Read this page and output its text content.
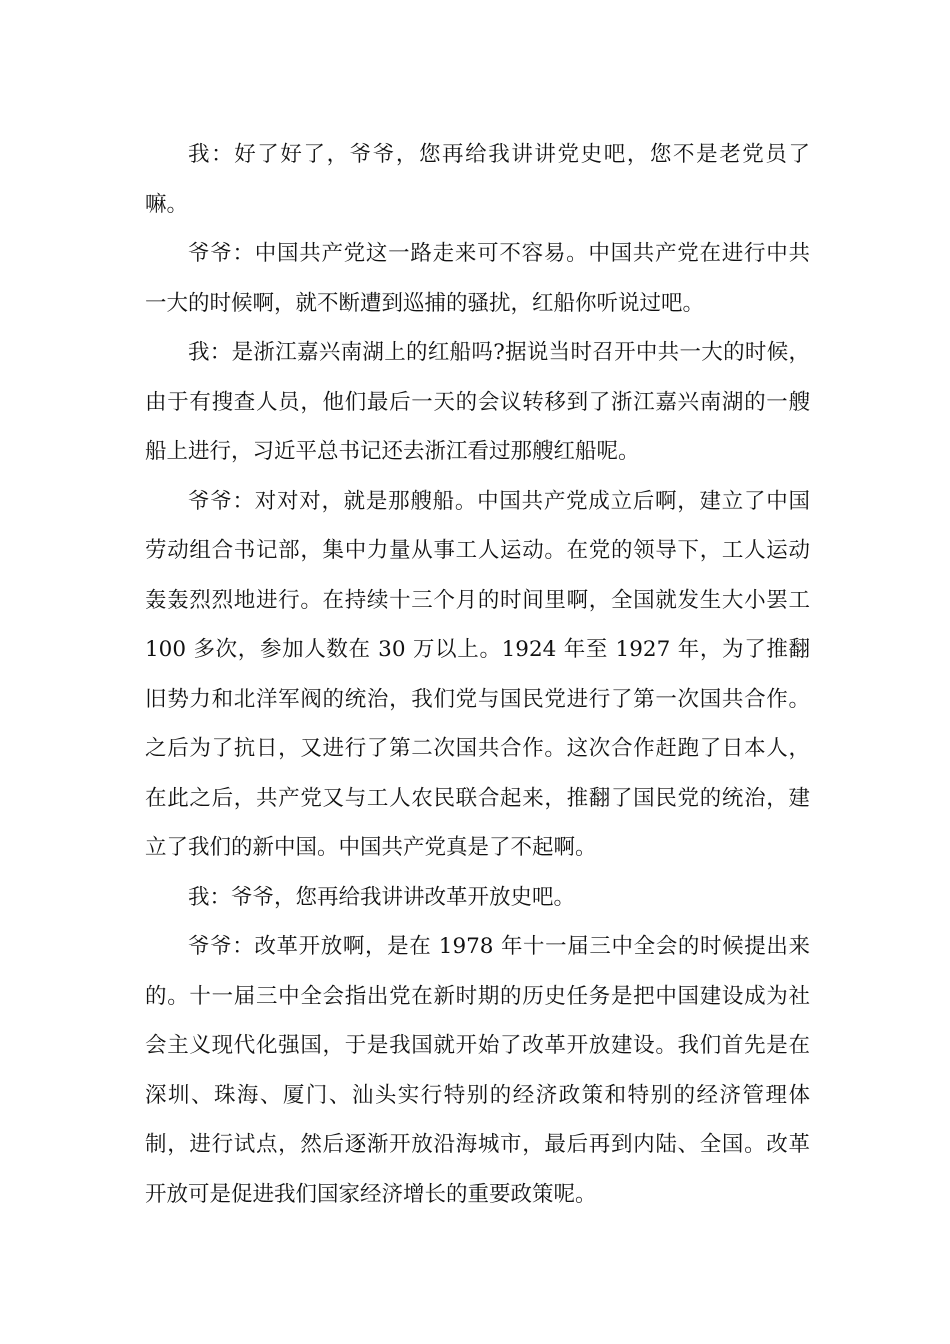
我：好了好了，爷爷，您再给我讲讲党史吧，您不是老党员了嘛。

爷爷：中国共产党这一路走来可不容易。中国共产党在进行中共一大的时候啊，就不断遭到巡捕的骚扰，红船你听说过吧。

我：是浙江嘉兴南湖上的红船吗?据说当时召开中共一大的时候，由于有搜查人员，他们最后一天的会议转移到了浙江嘉兴南湖的一艘船上进行，习近平总书记还去浙江看过那艘红船呢。

爷爷：对对对，就是那艘船。中国共产党成立后啊，建立了中国劳动组合书记部，集中力量从事工人运动。在党的领导下，工人运动轰轰烈烈地进行。在持续十三个月的时间里啊，全国就发生大小罢工 100 多次，参加人数在 30 万以上。1924 年至 1927 年，为了推翻旧势力和北洋军阀的统治，我们党与国民党进行了第一次国共合作。之后为了抗日，又进行了第二次国共合作。这次合作赶跑了日本人，在此之后，共产党又与工人农民联合起来，推翻了国民党的统治，建立了我们的新中国。中国共产党真是了不起啊。

我：爷爷，您再给我讲讲改革开放史吧。

爷爷：改革开放啊，是在 1978 年十一届三中全会的时候提出来的。十一届三中全会指出党在新时期的历史任务是把中国建设成为社会主义现代化强国，于是我国就开始了改革开放建设。我们首先是在深圳、珠海、厦门、汕头实行特别的经济政策和特别的经济管理体制，进行试点，然后逐渐开放沿海城市，最后再到内陆、全国。改革开放可是促进我们国家经济增长的重要政策呢。
